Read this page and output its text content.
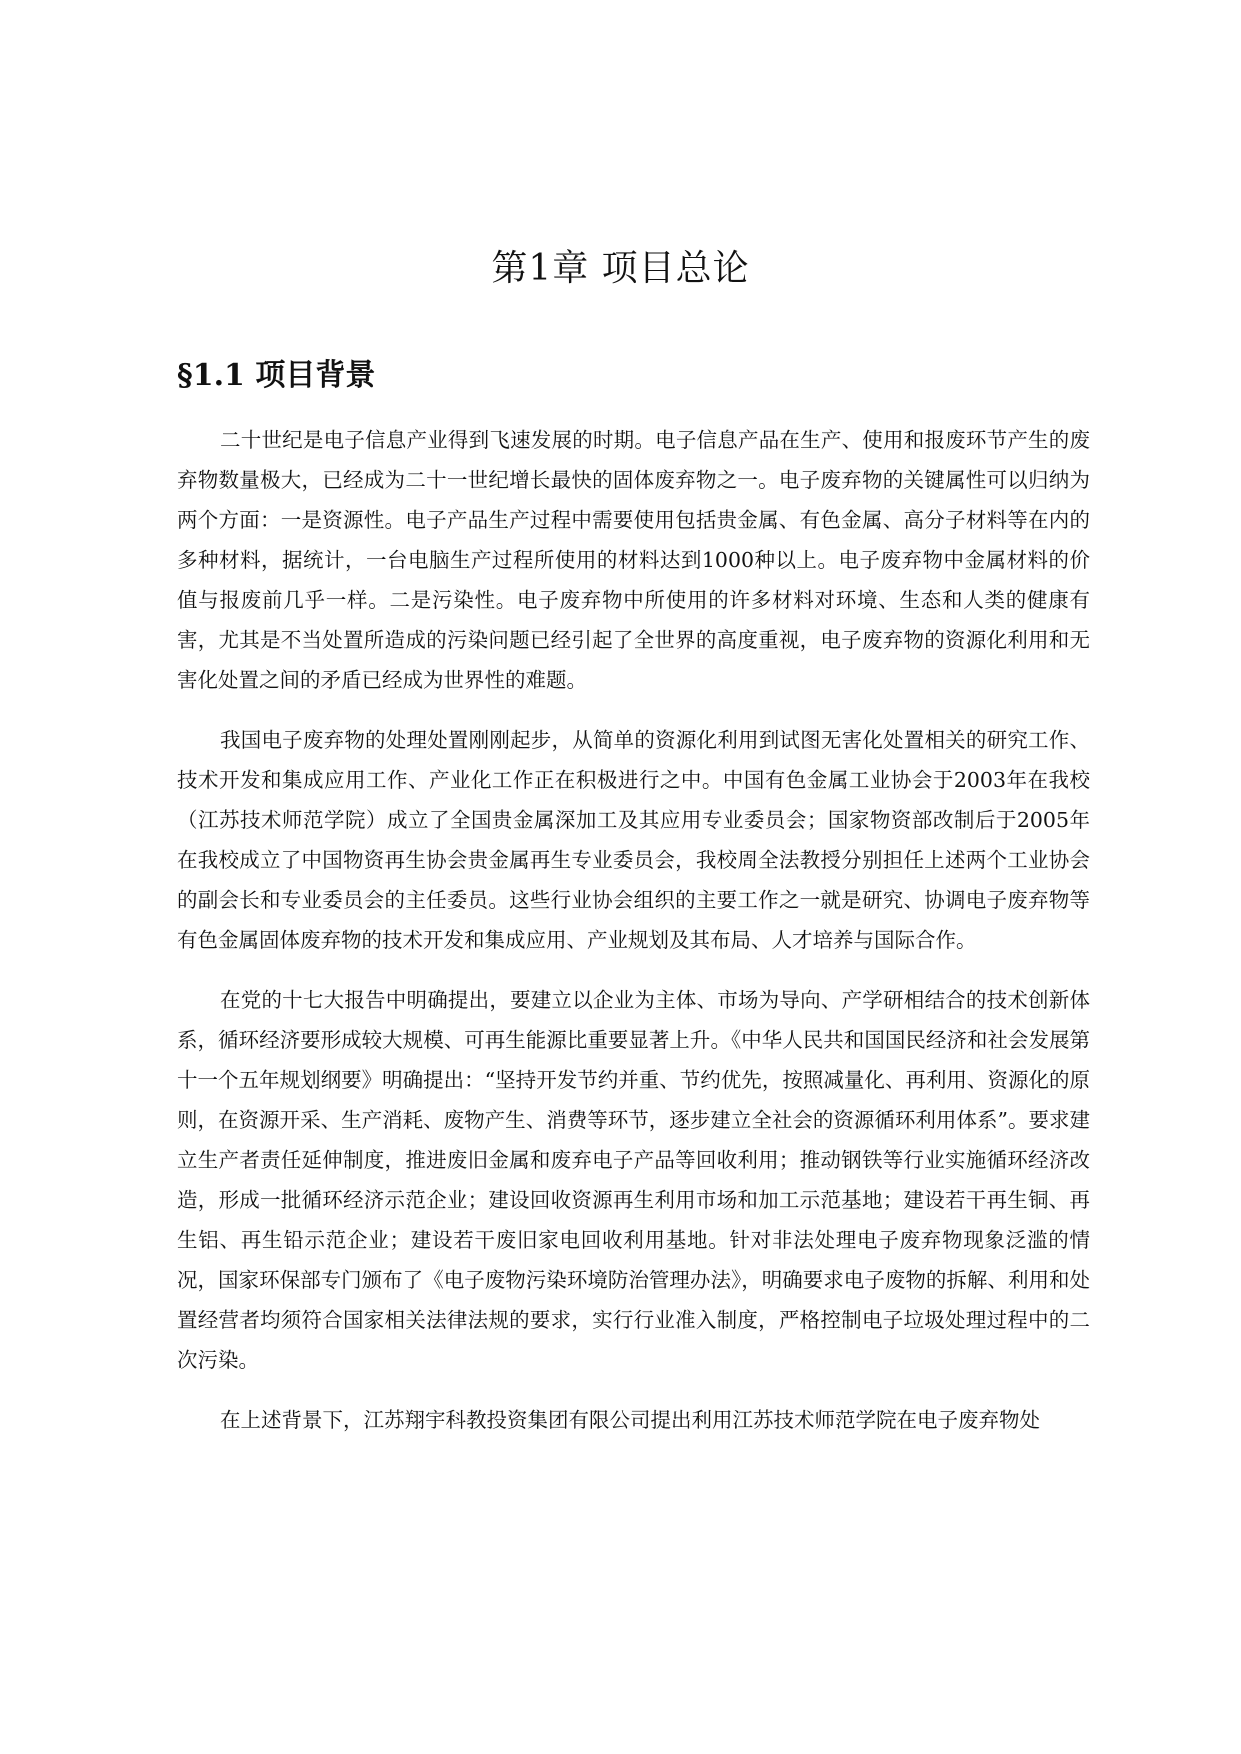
第1章 项目总论
§1.1 项目背景

二十世纪是电子信息产业得到飞速发展的时期。电子信息产品在生产、使用和报废环节产生的废弃物数量极大，已经成为二十一世纪增长最快的固体废弃物之一。电子废弃物的关键属性可以归纳为两个方面：一是资源性。电子产品生产过程中需要使用包括贵金属、有色金属、高分子材料等在内的多种材料，据统计，一台电脑生产过程所使用的材料达到1000种以上。电子废弃物中金属材料的价值与报废前几乎一样。二是污染性。电子废弃物中所使用的许多材料对环境、生态和人类的健康有害，尤其是不当处置所造成的污染问题已经引起了全世界的高度重视，电子废弃物的资源化利用和无害化处置之间的矛盾已经成为世界性的难题。

我国电子废弃物的处理处置刚刚起步，从简单的资源化利用到试图无害化处置相关的研究工作、技术开发和集成应用工作、产业化工作正在积极进行之中。中国有色金属工业协会于2003年在我校（江苏技术师范学院）成立了全国贵金属深加工及其应用专业委员会；国家物资部改制后于2005年在我校成立了中国物资再生协会贵金属再生专业委员会，我校周全法教授分别担任上述两个工业协会的副会长和专业委员会的主任委员。这些行业协会组织的主要工作之一就是研究、协调电子废弃物等有色金属固体废弃物的技术开发和集成应用、产业规划及其布局、人才培养与国际合作。

在党的十七大报告中明确提出，要建立以企业为主体、市场为导向、产学研相结合的技术创新体系，循环经济要形成较大规模、可再生能源比重要显著上升。《中华人民共和国国民经济和社会发展第十一个五年规划纲要》明确提出：“坚持开发节约并重、节约优先，按照减量化、再利用、资源化的原则，在资源开采、生产消耗、废物产生、消费等环节，逐步建立全社会的资源循环利用体系”。要求建立生产者责任延伸制度，推进废旧金属和废弃电子产品等回收利用；推动钢铁等行业实施循环经济改造，形成一批循环经济示范企业；建设回收资源再生利用市场和加工示范基地；建设若干再生铜、再生铝、再生铅示范企业；建设若干废旧家电回收利用基地。针对非法处理电子废弃物现象泛滥的情况，国家环保部专门颁布了《电子废物污染环境防治管理办法》，明确要求电子废物的拆解、利用和处置经营者均须符合国家相关法律法规的要求，实行行业准入制度，严格控制电子垃圾处理过程中的二次污染。

在上述背景下，江苏翔宇科教投资集团有限公司提出利用江苏技术师范学院在电子废弃物处
